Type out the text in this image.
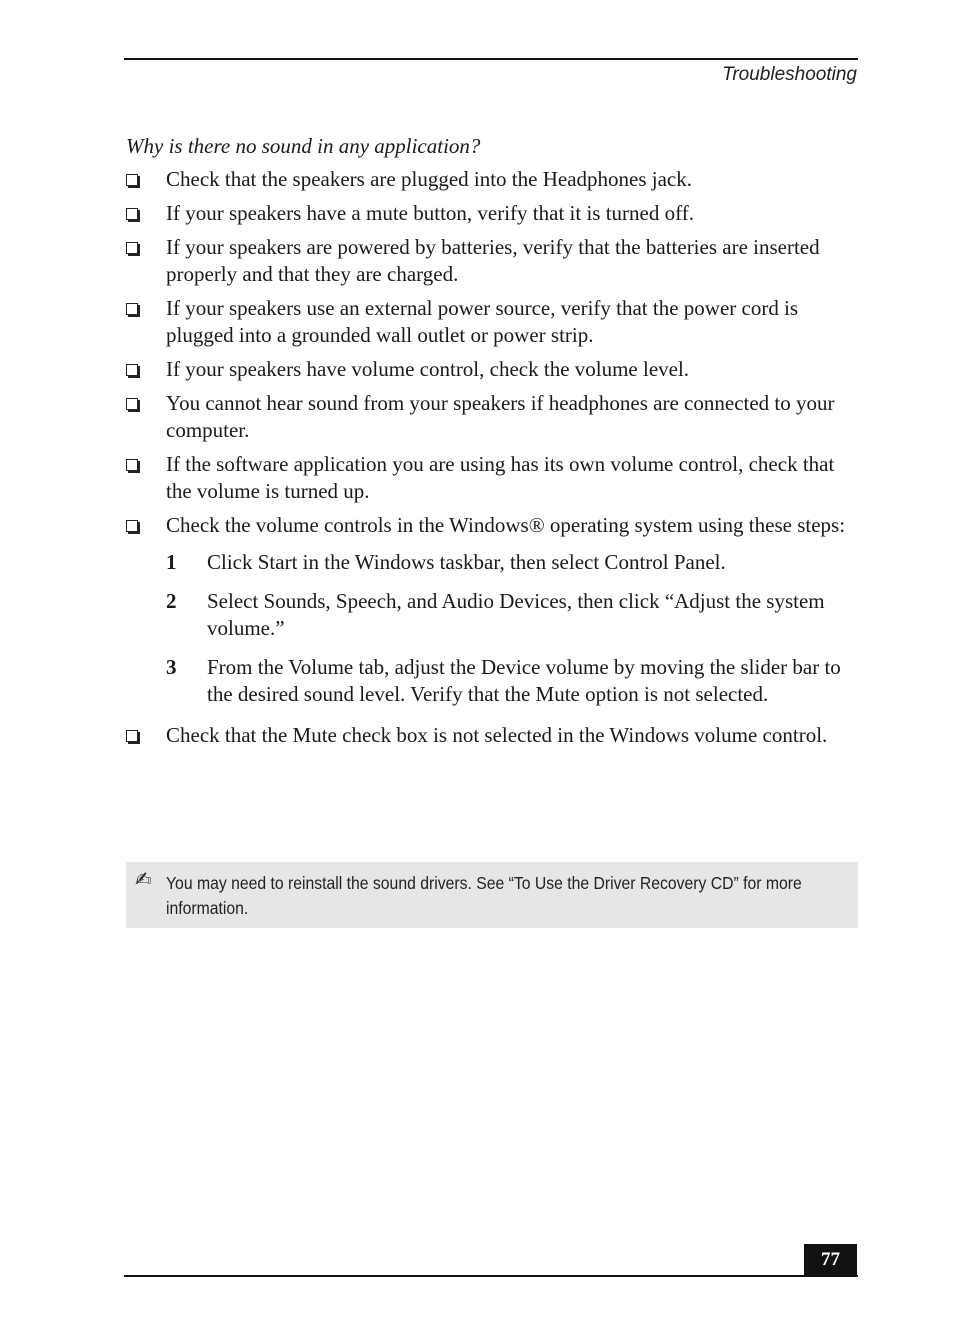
Troubleshooting

Why is there no sound in any application?

Check that the speakers are plugged into the Headphones jack.
If your speakers have a mute button, verify that it is turned off.
If your speakers are powered by batteries, verify that the batteries are inserted properly and that they are charged.
If your speakers use an external power source, verify that the power cord is plugged into a grounded wall outlet or power strip.
If your speakers have volume control, check the volume level.
You cannot hear sound from your speakers if headphones are connected to your computer.
If the software application you are using has its own volume control, check that the volume is turned up.
Check the volume controls in the Windows® operating system using these steps:
1 Click Start in the Windows taskbar, then select Control Panel.
2 Select Sounds, Speech, and Audio Devices, then click “Adjust the system volume.”
3 From the Volume tab, adjust the Device volume by moving the slider bar to the desired sound level. Verify that the Mute option is not selected.
Check that the Mute check box is not selected in the Windows volume control.
✍ You may need to reinstall the sound drivers. See “To Use the Driver Recovery CD” for more information.
77
